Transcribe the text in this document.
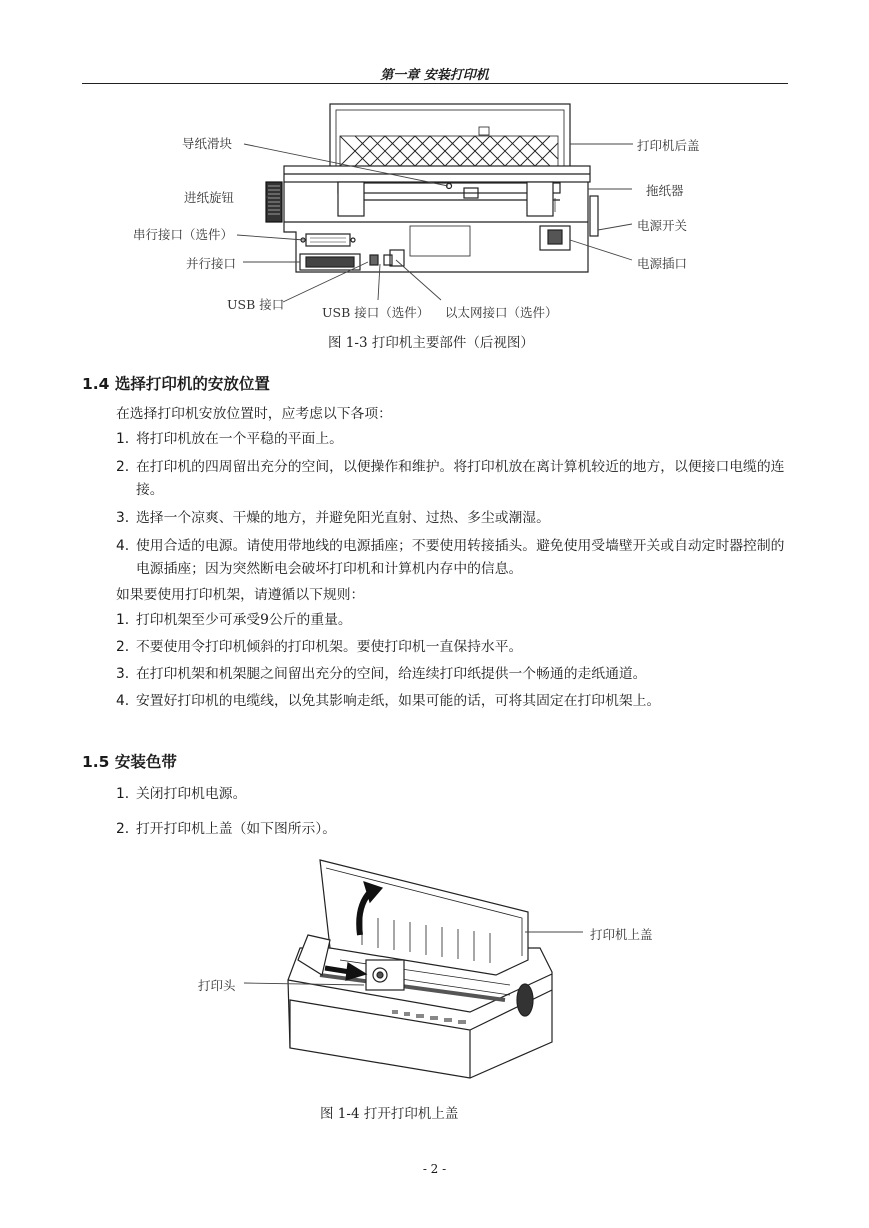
第一章 安装打印机
导纸滑块
进纸旋钮
串行接口（选件）
并行接口
USB 接口
USB 接口（选件） 以太网接口（选件）
打印机后盖
拖纸器
电源开关
电源插口
图 1-3 打印机主要部件（后视图）
1.4 选择打印机的安放位置
在选择打印机安放位置时，应考虑以下各项：
1. 将打印机放在一个平稳的平面上。
2. 在打印机的四周留出充分的空间，以便操作和维护。将打印机放在离计算机较近的地方，以便接口电缆的连接。
3. 选择一个凉爽、干燥的地方，并避免阳光直射、过热、多尘或潮湿。
4. 使用合适的电源。请使用带地线的电源插座；不要使用转接插头。避免使用受墙壁开关或自动定时器控制的电源插座；因为突然断电会破坏打印机和计算机内存中的信息。
如果要使用打印机架，请遵循以下规则：
1. 打印机架至少可承受9公斤的重量。
2. 不要使用令打印机倾斜的打印机架。要使打印机一直保持水平。
3. 在打印机架和机架腿之间留出充分的空间，给连续打印纸提供一个畅通的走纸通道。
4. 安置好打印机的电缆线，以免其影响走纸，如果可能的话，可将其固定在打印机架上。
1.5 安装色带
1. 关闭打印机电源。
2. 打开打印机上盖（如下图所示）。
打印机上盖
打印头
图 1-4 打开打印机上盖
- 2 -
